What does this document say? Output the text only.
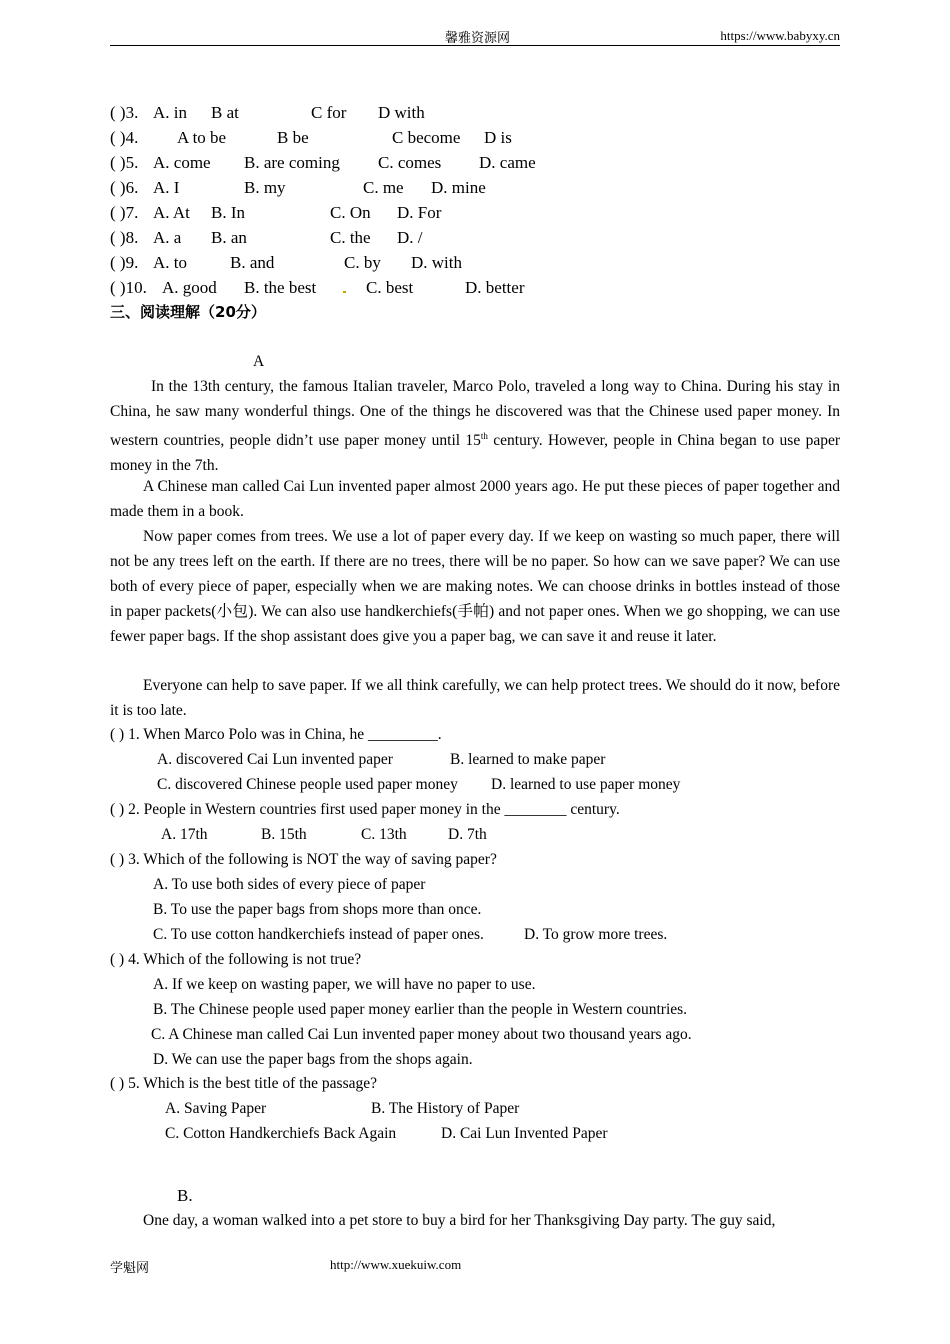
馨雅资源网	https://www.babyxy.cn
( )3. A. in B at	C for D with
( )4. A to be	B be	C become D is
( )5. A. come B. are coming C. comes D. came
( )6. A. I	B. my	C. me D. mine
( )7. A. At B. In	C. On D. For
( )8. A. a B. an	C. the D. /
( )9. A. to	B. and	C. by D. with
( )10. A. good B. the best	C. best	D. better
三、阅读理解（20分）
A
In the 13th century, the famous Italian traveler, Marco Polo, traveled a long way to China. During his stay in China, he saw many wonderful things. One of the things he discovered was that the Chinese used paper money. In western countries, people didn’t use paper money until 15th century. However, people in China began to use paper money in the 7th.
A Chinese man called Cai Lun invented paper almost 2000 years ago. He put these pieces of paper together and made them in a book.
Now paper comes from trees. We use a lot of paper every day. If we keep on wasting so much paper, there will not be any trees left on the earth. If there are no trees, there will be no paper. So how can we save paper? We can use both of every piece of paper, especially when we are making notes. We can choose drinks in bottles instead of those in paper packets(小包). We can also use handkerchiefs(手帕) and not paper ones. When we go shopping, we can use fewer paper bags. If the shop assistant does give you a paper bag, we can save it and reuse it later.
Everyone can help to save paper. If we all think carefully, we can help protect trees. We should do it now, before it is too late.
( ) 1. When Marco Polo was in China, he _________.
A. discovered Cai Lun invented paper	B. learned to make paper
C. discovered Chinese people used paper money D. learned to use paper money
( ) 2. People in Western countries first used paper money in the ________ century.
A. 17th	B. 15th	C. 13th	D. 7th
( ) 3. Which of the following is NOT the way of saving paper?
A. To use both sides of every piece of paper
B. To use the paper bags from shops more than once.
C. To use cotton handkerchiefs instead of paper ones.	D. To grow more trees.
( ) 4. Which of the following is not true?
A. If we keep on wasting paper, we will have no paper to use.
B. The Chinese people used paper money earlier than the people in Western countries.
C. A Chinese man called Cai Lun invented paper money about two thousand years ago.
D. We can use the paper bags from the shops again.
( ) 5. Which is the best title of the passage?
A. Saving Paper	B. The History of Paper
C. Cotton Handkerchiefs Back Again	D. Cai Lun Invented Paper
B.
One day, a woman walked into a pet store to buy a bird for her Thanksgiving Day party. The guy said,
学魁网	http://www.xuekuiw.com
